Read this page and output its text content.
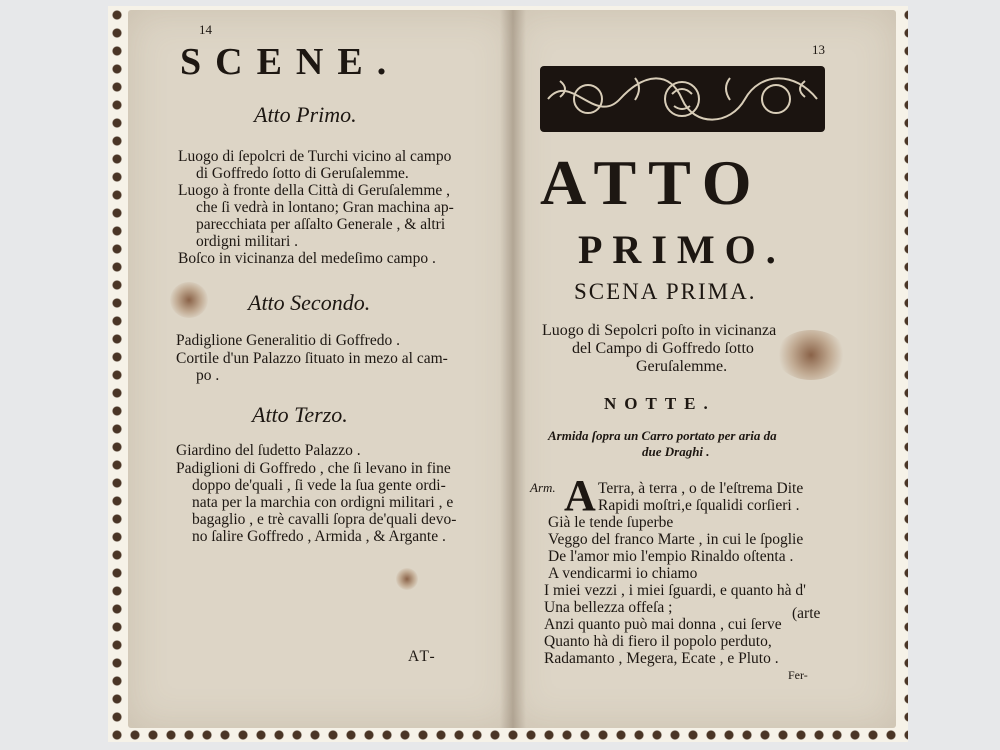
14
SCENE.
Atto Primo.
Luogo di ſepolcri de Turchi vicino al campo
di Goffredo ſotto di Geruſalemme.
Luogo à fronte della Città di Geruſalemme ,
che ſi vedrà in lontano; Gran machina ap-
parecchiata per aſſalto Generale , & altri
ordigni militari .
Boſco in vicinanza del medeſimo campo .
Atto Secondo.
Padiglione Generalitio di Goffredo .
Cortile d'un Palazzo ſituato in mezo al cam-
po .
Atto Terzo.
Giardino del ſudetto Palazzo .
Padiglioni di Goffredo , che ſi levano in fine
doppo de'quali , ſi vede la ſua gente ordi-
nata per la marchia con ordigni militari , e
bagaglio , e trè cavalli ſopra de'quali devo-
no ſalire Goffredo , Armida , & Argante .
AT-
13
ATTO
PRIMO.
SCENA PRIMA.
Luogo di Sepolcri poſto in vicinanza
del Campo di Goffredo ſotto
Geruſalemme.
NOTTE.
Armida ſopra un Carro portato per aria da
due Draghi .
Arm. A Terra, à terra , o de l'eſtrema Dite
Rapidi moſtri,e ſqualidi corſieri .
Già le tende ſuperbe
Veggo del franco Marte , in cui le ſpoglie
De l'amor mio l'empio Rinaldo oſtenta .
A vendicarmi io chiamo
I miei vezzi , i miei ſguardi, e quanto hà d'
Una bellezza offeſa ;	(arte
Anzi quanto può mai donna , cui ſerve
Quanto hà di fiero il popolo perduto,
Radamanto , Megera, Ecate , e Pluto .
Fer-
